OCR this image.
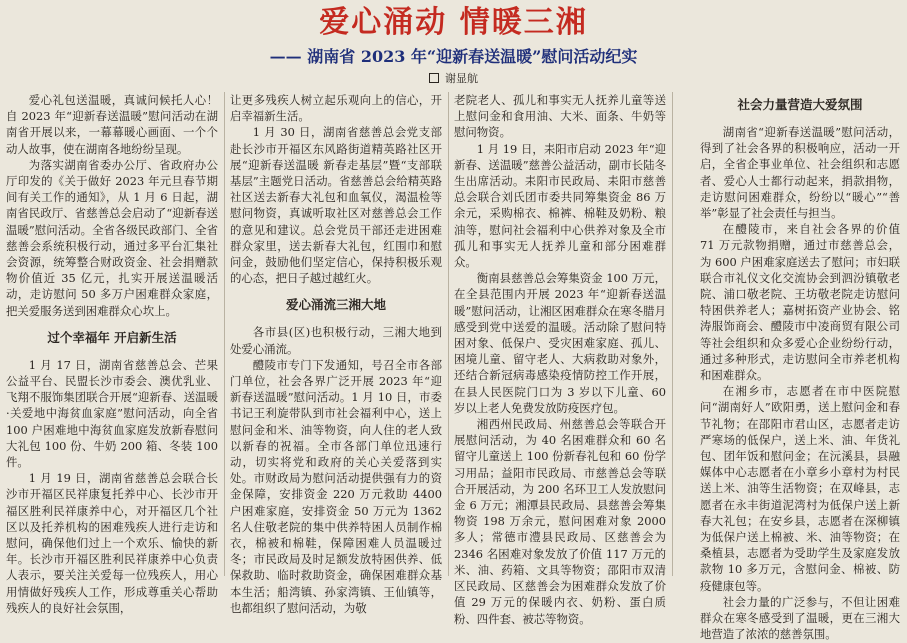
爱心涌动 情暖三湘
—— 湖南省 2023 年“迎新春送温暖”慰问活动纪实
谢显航

爱心礼包送温暖，真诚问候托人心！自 2023 年“迎新春送温暖”慰问活动在湖南省开展以来，一幕幕暖心画面、一个个动人故事，使在湖南各地纷纷呈现。

为落实湖南省委办公厅、省政府办公厅印发的《关于做好 2023 年元旦春节期间有关工作的通知》，从 1 月 6 日起，湖南省民政厅、省慈善总会启动了“迎新春送温暖”慰问活动。全省各级民政部门、全省慈善会系统积极行动，通过多平台汇集社会资源，统筹整合财政资金、社会捐赠款物价值近 35 亿元，扎实开展送温暖活动，走访慰问 50 多万户困难群众家庭，把关爱服务送到困难群众心坎上。

过个幸福年 开启新生活

1 月 17 日，湖南省慈善总会、芒果公益平台、民盟长沙市委会、澳优乳业、飞翔不服饰集团联合开展“迎新春、送温暖·关爱地中海贫血家庭”慰问活动，向全省 100 户困难地中海贫血家庭发放新春慰问大礼包 100 份、牛奶 200 箱、冬装 100 件。

1 月 19 日，湖南省慈善总会联合长沙市开福区民祥康复托养中心、长沙市开福区胜利民祥康养中心，对开福区几个社区以及托养机构的困难残疾人进行走访和慰问，确保他们过上一个欢乐、愉快的新年。长沙市开福区胜利民祥康养中心负责人表示，要关注关爱每一位残疾人，用心用情做好残疾人工作，形成尊重关心帮助残疾人的良好社会氛围，

让更多残疾人树立起乐观向上的信心，开启幸福新生活。

1 月 30 日，湖南省慈善总会党支部赴长沙市开福区东风路街道精英路社区开展“迎新春送温暖 新春走基层”暨“支部联基层”主题党日活动。省慈善总会给精英路社区送去新春大礼包和血氧仪，渴温检等慰问物资，真诚听取社区对慈善总会工作的意见和建议。总会党员干部还走进困难群众家里，送去新春大礼包，红围巾和慰问金，鼓励他们坚定信心，保持积极乐观的心态，把日子越过越红火。

爱心涌流三湘大地

各市县(区)也积极行动，三湘大地到处爱心涌流。

醴陵市专门下发通知，号召全市各部门单位，社会各界广泛开展 2023 年“迎新春送温暖”慰问活动。1 月 10 日，市委书记王利旋带队到市社会福利中心，送上慰问金和米、油等物资，向人住的老人致以新春的祝福。全市各部门单位迅速行动，切实将党和政府的关心关爱落到实处。市财政局为慰问活动提供强有力的资金保障，安排资金 220 万元救助 4400 户困难家庭，安排资金 50 万元为 1362 名人住敬老院的集中供养特困人员制作棉衣，棉被和棉鞋，保障困难人员温暖过冬；市民政局及时足额发放特困供养、低保救助、临时救助资金，确保困难群众基本生活；船湾镇、孙家湾镇、王仙镇等，也都组织了慰问活动，为敬

老院老人、孤儿和事实无人抚养儿童等送上慰问金和食用油、大米、面条、牛奶等慰问物资。

1 月 19 日，耒阳市启动 2023 年“迎新春、送温暖”慈善公益活动，副市长陆冬生出席活动。耒阳市民政局、耒阳市慈善总会联合刘氏团市委共同筹集资金 86 万余元，采购棉衣、棉裤、棉鞋及奶粉、粮油等，慰问社会福利中心供养对象及全市孤儿和事实无人抚养儿童和部分困难群众。

衡南县慈善总会筹集资金 100 万元，在全县范围内开展 2023 年“迎新春送温暖”慰问活动，让湘区困难群众在寒冬腊月感受到党中送爱的温暖。活动除了慰问特困对象、低保户、受灾困难家庭、孤儿、困境儿童、留守老人、大病救助对象外，还结合新冠病毒感染疫情防控工作开展，在县人民医院门口为 3 岁以下儿童、60 岁以上老人免费发放防疫医疗包。

湘西州民政局、州慈善总会等联合开展慰问活动，为 40 名困难群众和 60 名留守儿童送上 100 份新春礼包和 60 份学习用品；益阳市民政局、市慈善总会等联合开展活动，为 200 名环卫工人发放慰问金 6 万元；湘潭县民政局、县慈善会筹集物资 198 万余元，慰问困难对象 2000 多人；常德市澧县民政局、区慈善会为 2346 名困难对象发放了价值 117 万元的米、油、药箱、文具等物资；邵阳市双清区民政局、区慈善会为困难群众发放了价值 29 万元的保暖内衣、奶粉、蛋白质粉、四件套、被芯等物资。

社会力量营造大爱氛围

湖南省“迎新春送温暖”慰问活动，得到了社会各界的积极响应，活动一开启，全省企事业单位、社会组织和志愿者、爱心人士都行动起来，捐款捐物，走访慰问困难群众，纷纷以“暖心”“善举”彰显了社会责任与担当。

在醴陵市，来自社会各界的价值 71 万元款物捐赠，通过市慈善总会，为 600 户困难家庭送去了慰问；市妇联联合市礼仪文化交流协会到泗汾镇敬老院、浦口敬老院、王坊敬老院走访慰问特困供养老人；嘉树拓资产业协会、铭涛服饰商会、醴陵市中凌商贸有限公司等社会组织和众多爱心企业纷纷行动，通过多种形式，走访慰问全市养老机构和困难群众。

在湘乡市，志愿者在市中医院慰问“湖南好人”欧阳勇，送上慰问金和春节礼物；在邵阳市君山区，志愿者走访严寒场的低保户，送上米、油、年货礼包、团年饭和慰问金；在沅溪县，县融媒体中心志愿者在小章乡小章村为村民送上米、油等生活物资；在双峰县，志愿者在永丰街道泥湾村为低保户送上新春大礼包；在安乡县，志愿者在深柳镇为低保户送上棉被、米、油等物资；在桑植县，志愿者为受助学生及家庭发放款物 10 多万元，含慰问金、棉被、防疫健康包等。

社会力量的广泛参与，不但让困难群众在寒冬感受到了温暖，更在三湘大地营造了浓浓的慈善氛围。
